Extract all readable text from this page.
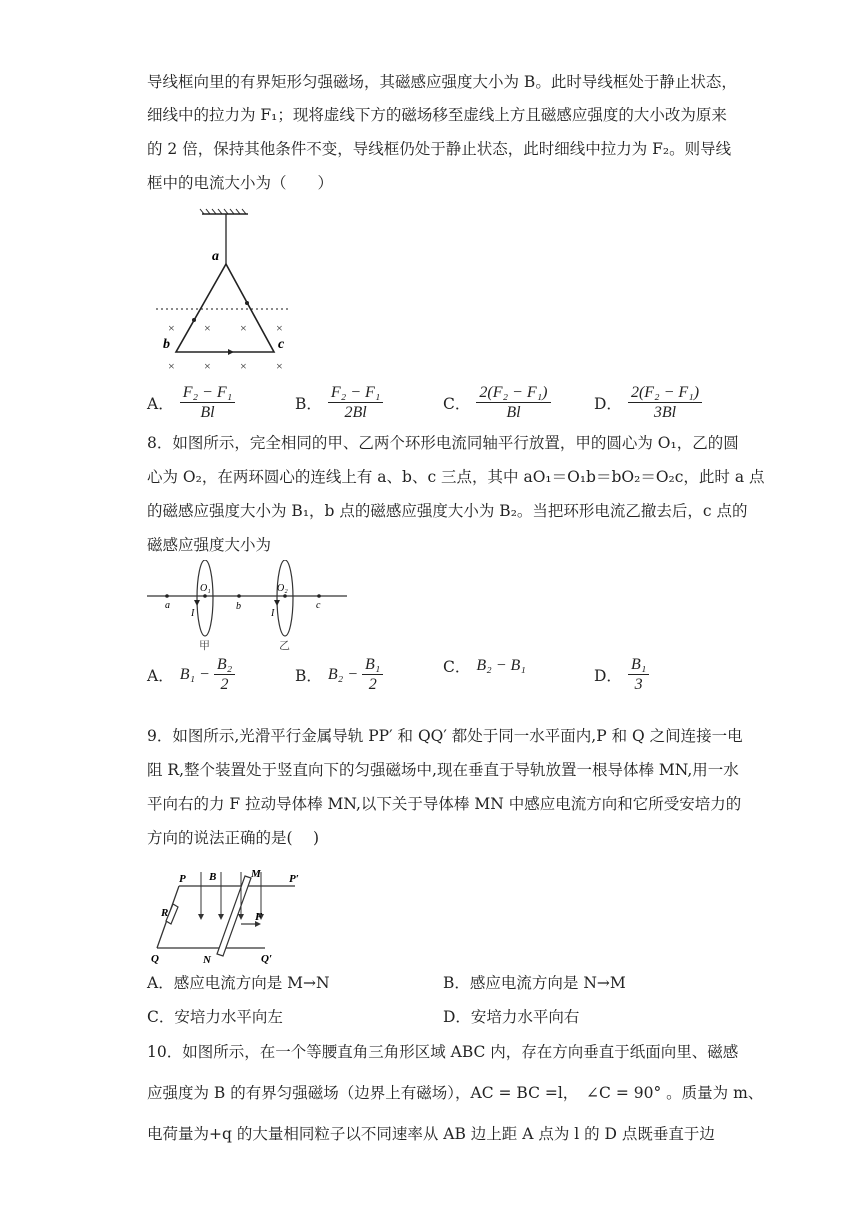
导线框向里的有界矩形匀强磁场，其磁感应强度大小为 B。此时导线框处于静止状态，
细线中的拉力为 F₁；现将虚线下方的磁场移至虚线上方且磁感应强度的大小改为原来
的 2 倍，保持其他条件不变，导线框仍处于静止状态，此时细线中拉力为 F₂。则导线
框中的电流大小为（　　）
a
b	c
× × × ×
× × × ×
A． $\frac{\text{F₂ − F₁}}{Bl}$	B． $\frac{\text{F₂ − F₁}}{2Bl}$	C． $\frac{\text{2(F₂ − F₁)}}{Bl}$	D． $\frac{\text{2(F₂ − F₁)}}{3Bl}$
8．如图所示，完全相同的甲、乙两个环形电流同轴平行放置，甲的圆心为 O₁，乙的圆
心为 O₂，在两环圆心的连线上有 a、b、c 三点，其中 aO₁＝O₁b＝bO₂＝O₂c，此时 a 点
的磁感应强度大小为 B₁，b 点的磁感应强度大小为 B₂。当把环形电流乙撤去后，c 点的
磁感应强度大小为
a	b	c
O₁	O₂
I	I
甲	乙
A． $B_1 - \frac{\text{B₂}}{2}$	B． $B_2 - \frac{\text{B₁}}{2}$	C． B₂ − B₁
D． $\frac{\text{B₁}}{3}$
9．如图所示,光滑平行金属导轨 PP′ 和 QQ′ 都处于同一水平面内,P 和 Q 之间连接一电
阻 R,整个装置处于竖直向下的匀强磁场中,现在垂直于导轨放置一根导体棒 MN,用一水
平向右的力 F 拉动导体棒 MN,以下关于导体棒 MN 中感应电流方向和它所受安培力的
方向的说法正确的是(　 )
P B	M	P′
R	F
Q	N	Q′
A．感应电流方向是 M→N	B．感应电流方向是 N→M
C．安培力水平向左	D．安培力水平向右
10．如图所示，在一个等腰直角三角形区域 ABC 内，存在方向垂直于纸面向里、磁感
应强度为 B 的有界匀强磁场（边界上有磁场），AC = BC =l，　∠C = 90° 。质量为 m、
电荷量为+q 的大量相同粒子以不同速率从 AB 边上距 A 点为 l 的 D 点既垂直于边
